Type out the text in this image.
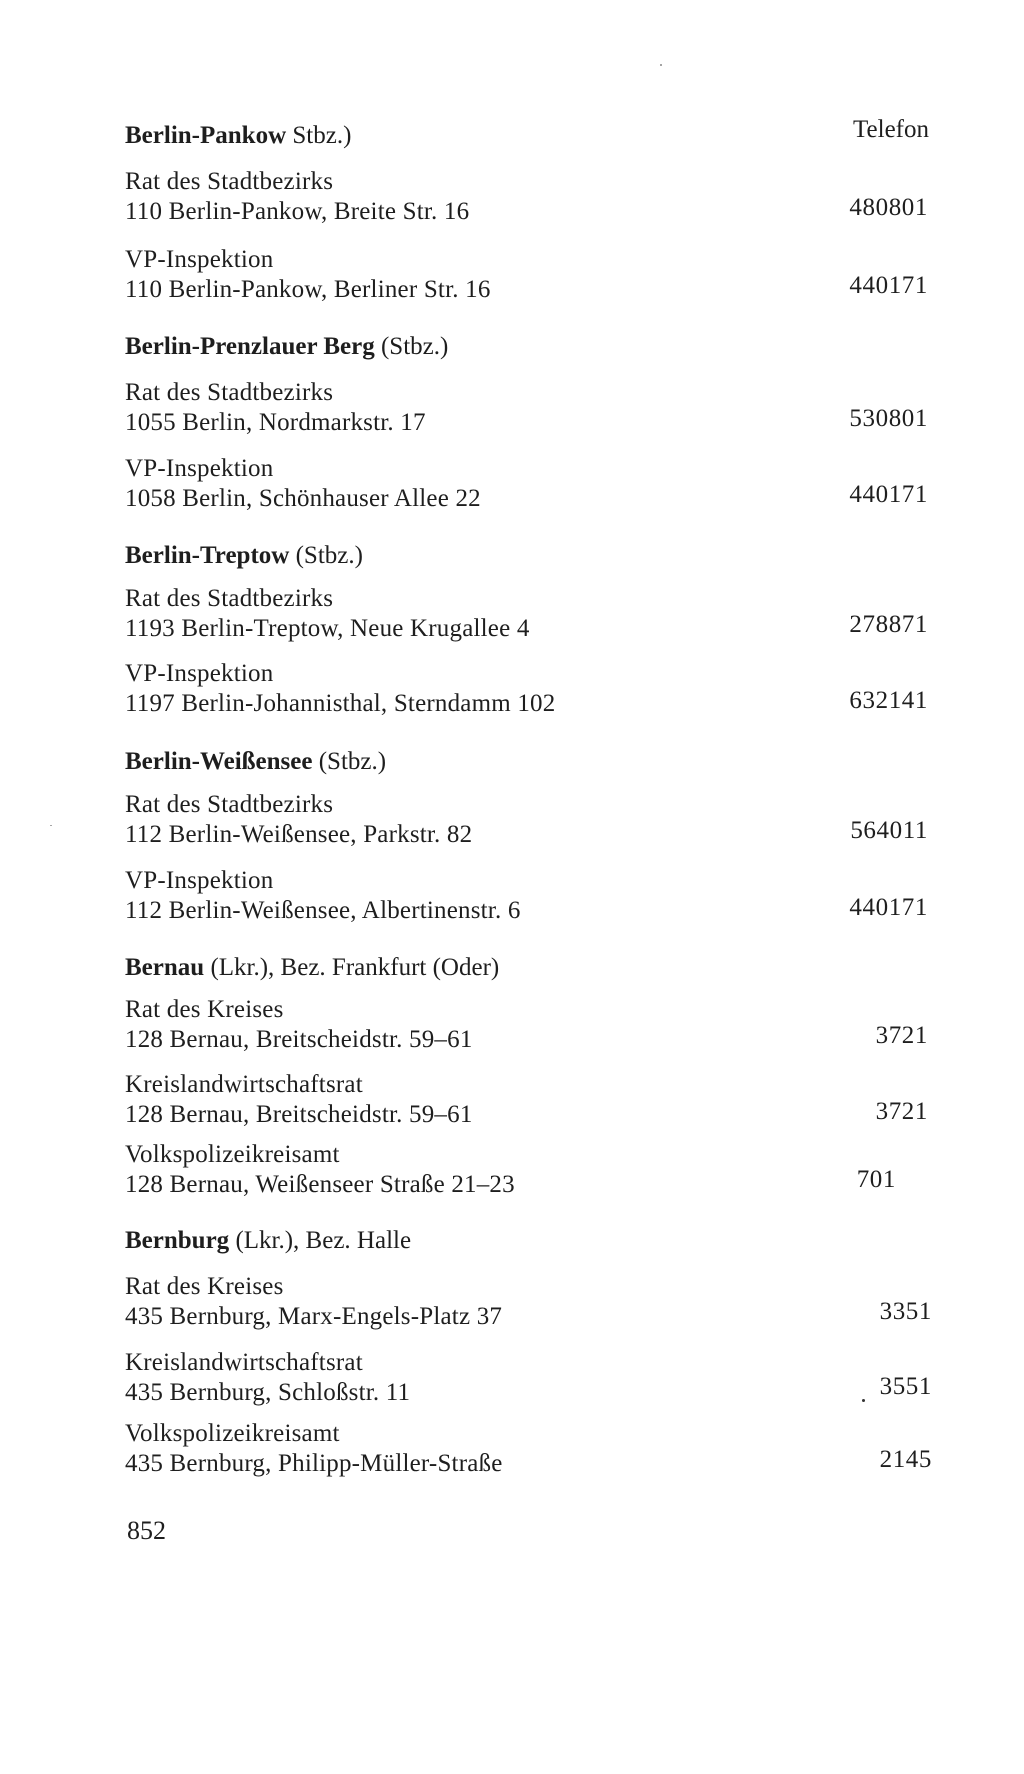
Telefon
Berlin-Pankow Stbz.)
Rat des Stadtbezirks
110 Berlin-Pankow, Breite Str. 16	480801
VP-Inspektion
110 Berlin-Pankow, Berliner Str. 16	440171
Berlin-Prenzlauer Berg (Stbz.)
Rat des Stadtbezirks
1055 Berlin, Nordmarkstr. 17	530801
VP-Inspektion
1058 Berlin, Schönhauser Allee 22	440171
Berlin-Treptow (Stbz.)
Rat des Stadtbezirks
1193 Berlin-Treptow, Neue Krugallee 4	278871
VP-Inspektion
1197 Berlin-Johannisthal, Sterndamm 102	632141
Berlin-Weißensee (Stbz.)
Rat des Stadtbezirks
112 Berlin-Weißensee, Parkstr. 82	564011
VP-Inspektion
112 Berlin-Weißensee, Albertinenstr. 6	440171
Bernau (Lkr.), Bez. Frankfurt (Oder)
Rat des Kreises
128 Bernau, Breitscheidstr. 59–61	3721
Kreislandwirtschaftsrat
128 Bernau, Breitscheidstr. 59–61	3721
Volkspolizeikreisamt
128 Bernau, Weißenseer Straße 21–23	701
Bernburg (Lkr.), Bez. Halle
Rat des Kreises
435 Bernburg, Marx-Engels-Platz 37	3351
Kreislandwirtschaftsrat
435 Bernburg, Schloßstr. 11	3551
Volkspolizeikreisamt
435 Bernburg, Philipp-Müller-Straße	2145
852
